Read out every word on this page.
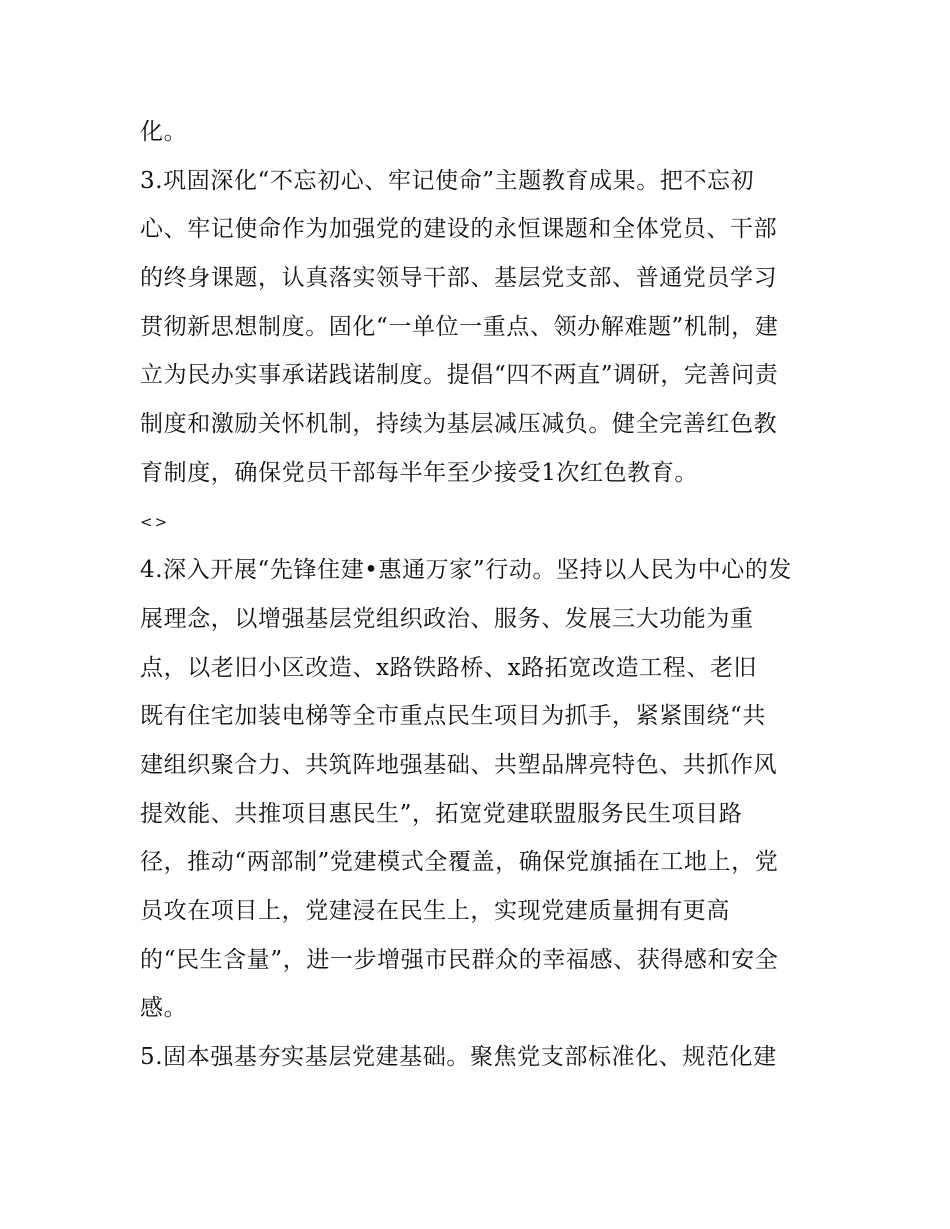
化。
3.巩固深化“不忘初心、牢记使命”主题教育成果。把不忘初
心、牢记使命作为加强党的建设的永恒课题和全体党员、干部
的终身课题，认真落实领导干部、基层党支部、普通党员学习
贯彻新思想制度。固化“一单位一重点、领办解难题”机制，建
立为民办实事承诺践诺制度。提倡“四不两直”调研，完善问责
制度和激励关怀机制，持续为基层减压减负。健全完善红色教
育制度，确保党员干部每半年至少接受1次红色教育。
<>
4.深入开展“先锋住建•惠通万家”行动。坚持以人民为中心的发
展理念，以增强基层党组织政治、服务、发展三大功能为重
点，以老旧小区改造、x路铁路桥、x路拓宽改造工程、老旧
既有住宅加装电梯等全市重点民生项目为抓手，紧紧围绕“共
建组织聚合力、共筑阵地强基础、共塑品牌亮特色、共抓作风
提效能、共推项目惠民生”，拓宽党建联盟服务民生项目路
径，推动“两部制”党建模式全覆盖，确保党旗插在工地上，党
员攻在项目上，党建浸在民生上，实现党建质量拥有更高
的“民生含量”，进一步增强市民群众的幸福感、获得感和安全
感。
5.固本强基夯实基层党建基础。聚焦党支部标准化、规范化建
